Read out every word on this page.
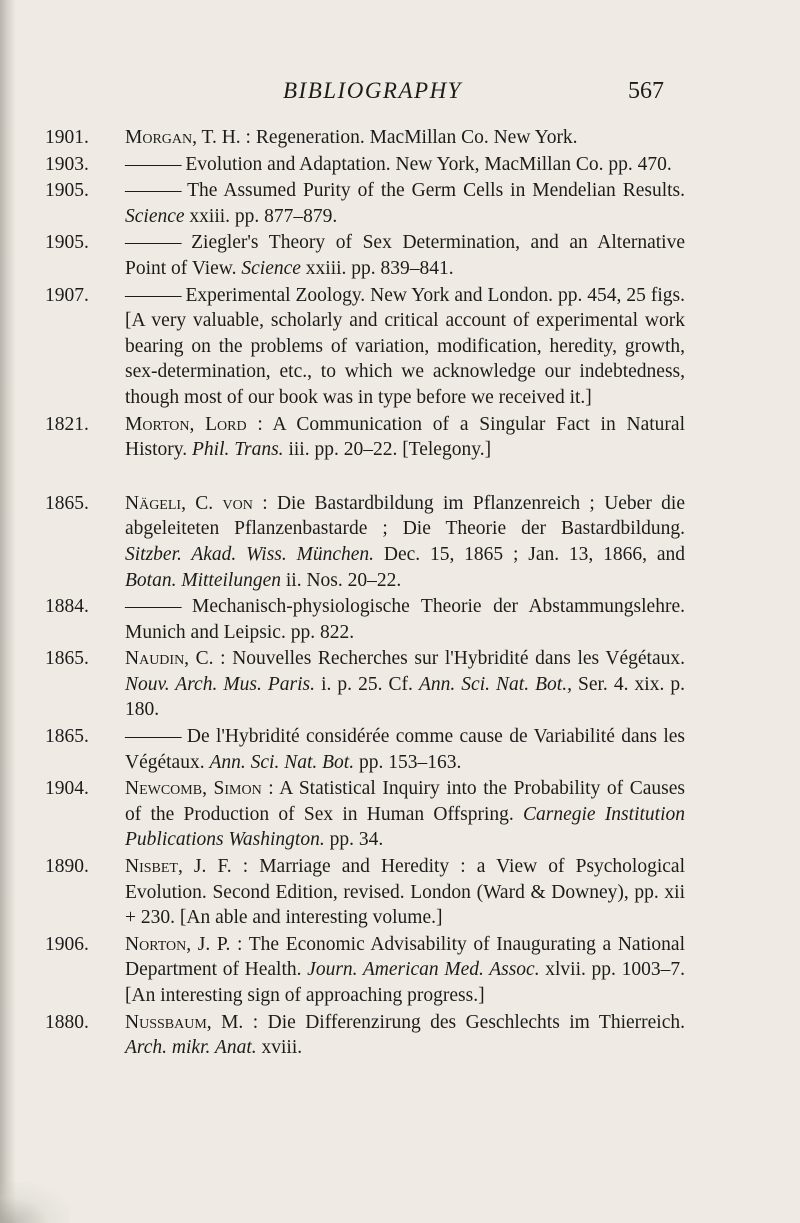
BIBLIOGRAPHY	567
1901.	Morgan, T. H. : Regeneration. MacMillan Co. New York.
1903.	——— Evolution and Adaptation. New York, MacMillan Co. pp. 470.
1905.	——— The Assumed Purity of the Germ Cells in Mendelian Results. Science xxiii. pp. 877–879.
1905.	——— Ziegler's Theory of Sex Determination, and an Alternative Point of View. Science xxiii. pp. 839–841.
1907.	——— Experimental Zoology. New York and London. pp. 454, 25 figs. [A very valuable, scholarly and critical account of experimental work bearing on the problems of variation, modification, heredity, growth, sex-determination, etc., to which we acknowledge our indebtedness, though most of our book was in type before we received it.]
1821.	Morton, Lord : A Communication of a Singular Fact in Natural History. Phil. Trans. iii. pp. 20–22. [Telegony.]
1865.	Nägeli, C. von : Die Bastardbildung im Pflanzenreich ; Ueber die abgeleiteten Pflanzenbastarde ; Die Theorie der Bastardbildung. Sitzber. Akad. Wiss. München. Dec. 15, 1865 ; Jan. 13, 1866, and Botan. Mitteilungen ii. Nos. 20–22.
1884.	——— Mechanisch-physiologische Theorie der Abstammungslehre. Munich and Leipsic. pp. 822.
1865.	Naudin, C. : Nouvelles Recherches sur l'Hybridité dans les Végétaux. Nouv. Arch. Mus. Paris. i. p. 25. Cf. Ann. Sci. Nat. Bot., Ser. 4. xix. p. 180.
1865.	——— De l'Hybridité considérée comme cause de Variabilité dans les Végétaux. Ann. Sci. Nat. Bot. pp. 153–163.
1904.	Newcomb, Simon : A Statistical Inquiry into the Probability of Causes of the Production of Sex in Human Offspring. Carnegie Institution Publications Washington. pp. 34.
1890.	Nisbet, J. F. : Marriage and Heredity : a View of Psychological Evolution. Second Edition, revised. London (Ward & Downey), pp. xii + 230. [An able and interesting volume.]
1906.	Norton, J. P. : The Economic Advisability of Inaugurating a National Department of Health. Journ. American Med. Assoc. xlvii. pp. 1003–7. [An interesting sign of approaching progress.]
1880.	Nussbaum, M. : Die Differenzirung des Geschlechts im Thierreich. Arch. mikr. Anat. xviii.
